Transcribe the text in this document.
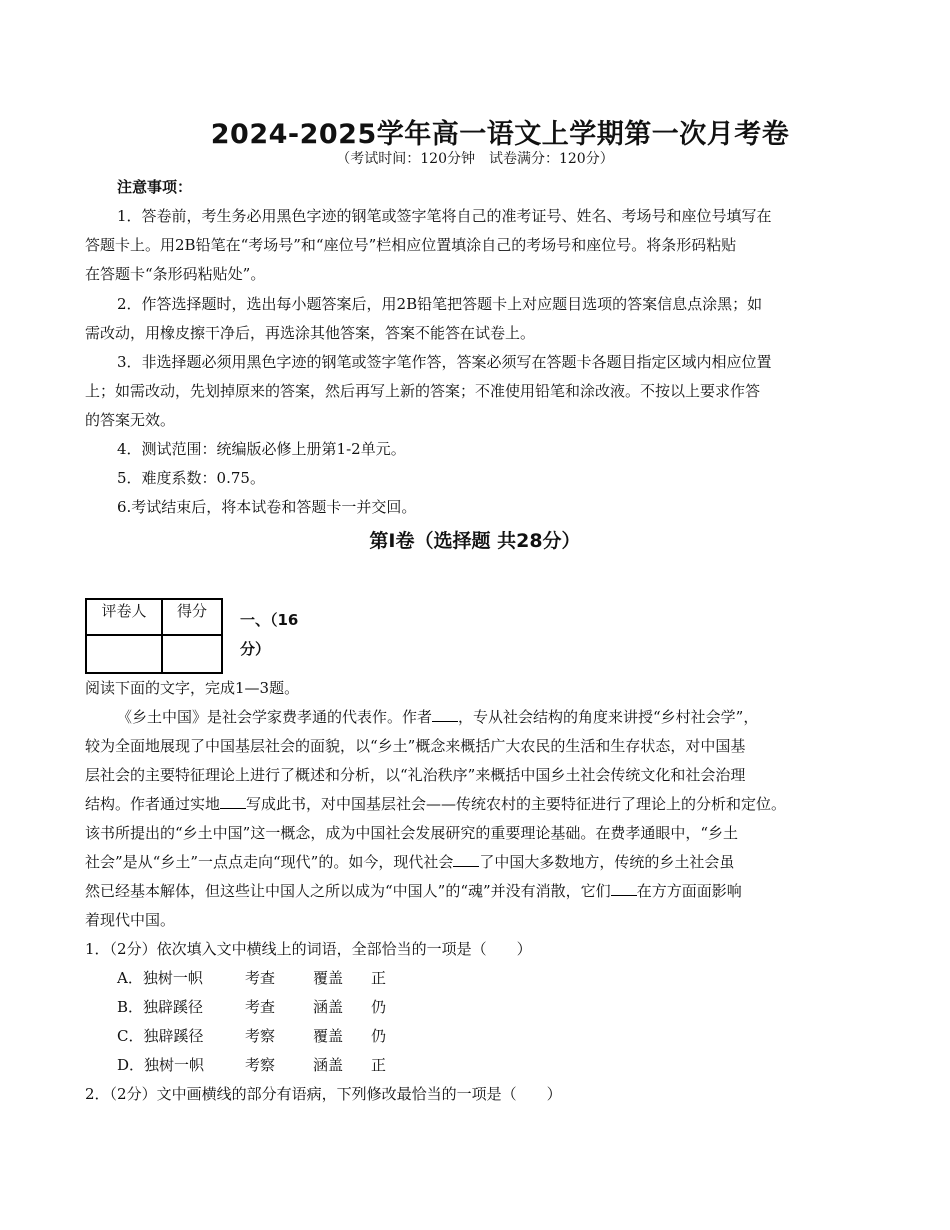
2024-2025学年高一语文上学期第一次月考卷
（考试时间：120分钟　试卷满分：120分）
注意事项：
1．答卷前，考生务必用黑色字迹的钢笔或签字笔将自己的准考证号、姓名、考场号和座位号填写在
答题卡上。用2B铅笔在“考场号”和“座位号”栏相应位置填涂自己的考场号和座位号。将条形码粘贴
在答题卡“条形码粘贴处”。
2．作答选择题时，选出每小题答案后，用2B铅笔把答题卡上对应题目选项的答案信息点涂黑；如
需改动，用橡皮擦干净后，再选涂其他答案，答案不能答在试卷上。
3．非选择题必须用黑色字迹的钢笔或签字笔作答，答案必须写在答题卡各题目指定区域内相应位置
上；如需改动，先划掉原来的答案，然后再写上新的答案；不准使用铅笔和涂改液。不按以上要求作答
的答案无效。
4．测试范围：统编版必修上册第1-2单元。
5．难度系数：0.75。
6.考试结束后，将本试卷和答题卡一并交回。
第Ⅰ卷（选择题 共28分）
评卷人	得分
	一、（16
分）
阅读下面的文字，完成1—3题。
《乡土中国》是社会学家费孝通的代表作。作者 ，专从社会结构的角度来讲授“乡村社会学”，
较为全面地展现了中国基层社会的面貌，以“乡土”概念来概括广大农民的生活和生存状态，对中国基
层社会的主要特征理论上进行了概述和分析，以“礼治秩序”来概括中国乡土社会传统文化和社会治理
结构。作者通过实地 写成此书，对中国基层社会——传统农村的主要特征进行了理论上的分析和定位。
该书所提出的“乡土中国”这一概念，成为中国社会发展研究的重要理论基础。在费孝通眼中，“乡土
社会”是从“乡土”一点点走向“现代”的。如今，现代社会 了中国大多数地方，传统的乡土社会虽
然已经基本解体，但这些让中国人之所以成为“中国人”的“魂”并没有消散，它们 在方方面面影响
着现代中国。
1．（2分）依次填入文中横线上的词语，全部恰当的一项是（　　）
A．独树一帜	考查	覆盖 正
B．独辟蹊径	考查	涵盖 仍
C．独辟蹊径	考察	覆盖 仍
D．独树一帜	考察	涵盖 正
2．（2分）文中画横线的部分有语病，下列修改最恰当的一项是（　　）
